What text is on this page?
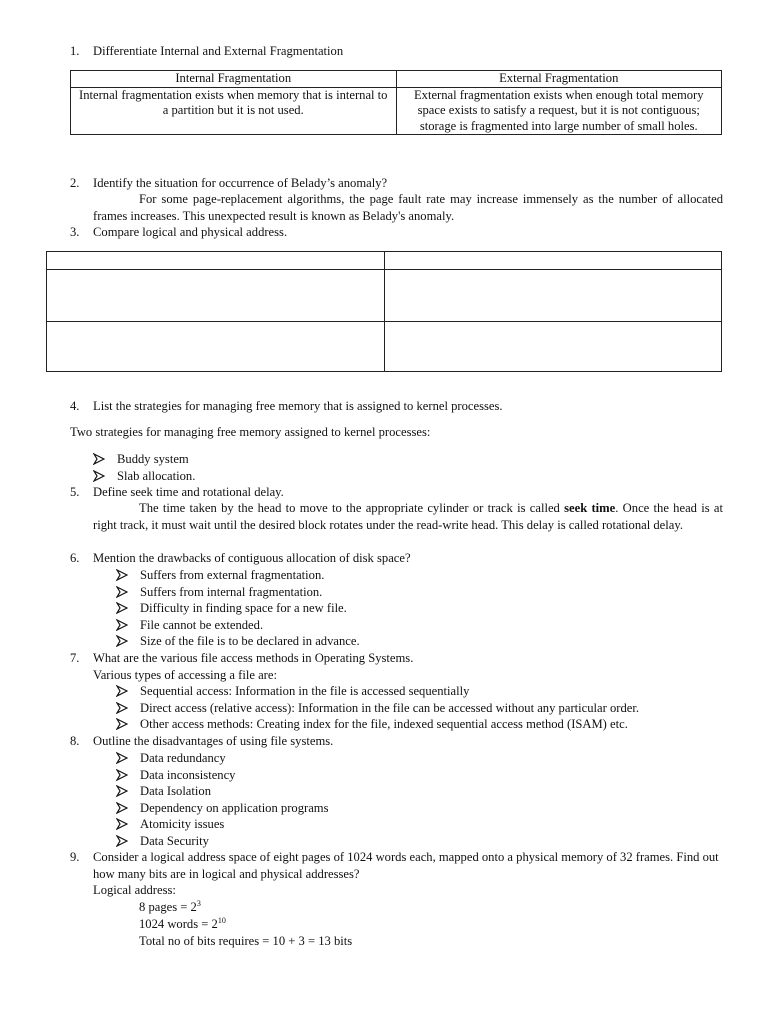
1. Differentiate Internal and External Fragmentation
Internal Fragmentation	External Fragmentation
Internal fragmentation exists when memory that is internal to a partition but it is not used.	External fragmentation exists when enough total memory space exists to satisfy a request, but it is not contiguous; storage is fragmented into large number of small holes.
2. Identify the situation for occurrence of Belady’s anomaly?
For some page-replacement algorithms, the page fault rate may increase immensely as the number of allocated frames increases. This unexpected result is known as Belady's anomaly.
3. Compare logical and physical address.

4. List the strategies for managing free memory that is assigned to kernel processes.
Two strategies for managing free memory assigned to kernel processes:
Buddy system
Slab allocation.
5. Define seek time and rotational delay.
The time taken by the head to move to the appropriate cylinder or track is called seek time. Once the head is at right track, it must wait until the desired block rotates under the read-write head. This delay is called rotational delay.
6. Mention the drawbacks of contiguous allocation of disk space?
Suffers from external fragmentation.
Suffers from internal fragmentation.
Difficulty in finding space for a new file.
File cannot be extended.
Size of the file is to be declared in advance.
7. What are the various file access methods in Operating Systems.
Various types of accessing a file are:
Sequential access: Information in the file is accessed sequentially
Direct access (relative access): Information in the file can be accessed without any particular order.
Other access methods: Creating index for the file, indexed sequential access method (ISAM) etc.
8. Outline the disadvantages of using file systems.
Data redundancy
Data inconsistency
Data Isolation
Dependency on application programs
Atomicity issues
Data Security
9.	Consider a logical address space of eight pages of 1024 words each, mapped onto a physical memory of 32 frames. Find out how many bits are in logical and physical addresses?
Logical address:
8 pages = $2^3$
1024 words = $2^{10}$
Total no of bits requires = 10 + 3 = 13 bits
